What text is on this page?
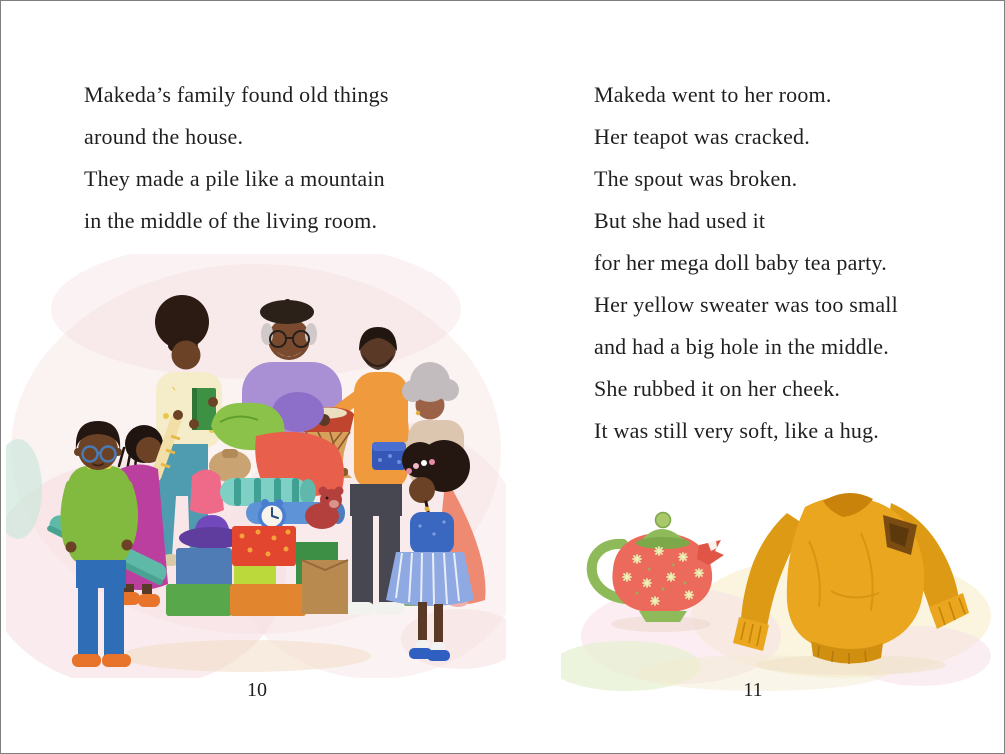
Makeda’s family found old things

around the house.

They made a pile like a mountain

in the middle of the living room.

Makeda went to her room.

Her teapot was cracked.

The spout was broken.

But she had used it

for her mega doll baby tea party.

Her yellow sweater was too small

and had a big hole in the middle.

She rubbed it on her cheek.

It was still very soft, like a hug.

10	11
